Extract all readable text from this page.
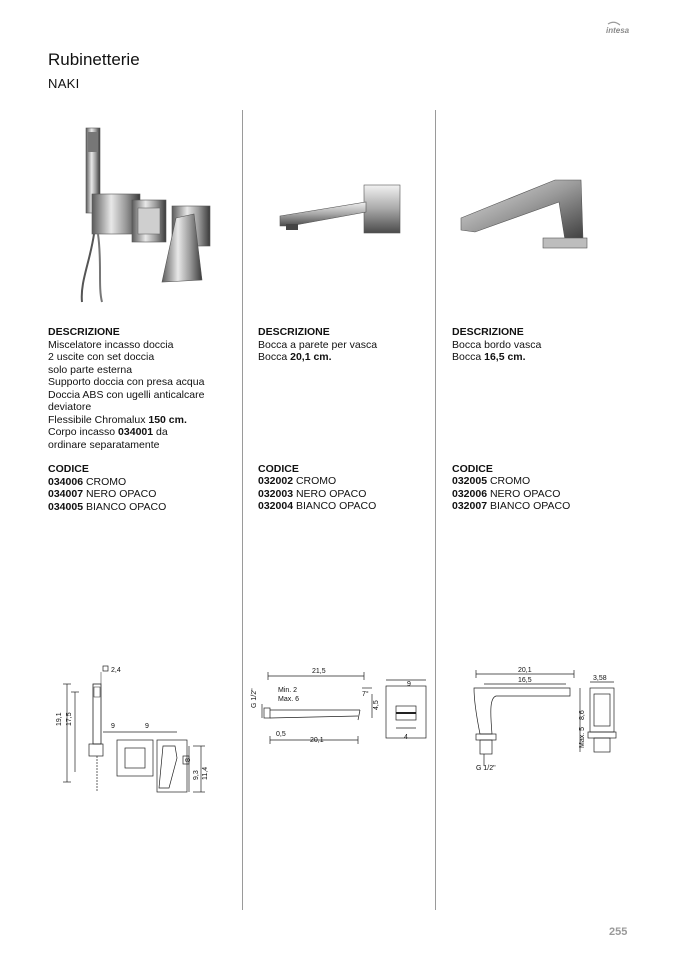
intesa
Rubinetterie
NAKI
DESCRIZIONE
Miscelatore incasso doccia
2 uscite con set doccia
solo parte esterna
Supporto doccia con presa acqua
Doccia ABS con ugelli anticalcare
deviatore
Flessibile Chromalux 150 cm.
Corpo incasso 034001 da
ordinare separatamente
CODICE
034006 CROMO
034007 NERO OPACO
034005 BIANCO OPACO
DESCRIZIONE
Bocca a parete per vasca
Bocca 20,1 cm.
CODICE
032002 CROMO
032003 NERO OPACO
032004 BIANCO OPACO
DESCRIZIONE
Bocca bordo vasca
Bocca 16,5 cm.
CODICE
032005 CROMO
032006 NERO OPACO
032007 BIANCO OPACO
2,4
19,1 17,5
9	9
8
9,3 11,4
21,5
Min. 2
Max. 6
G 1/2"
0,5
20,1
7°
4,5
9
4
20,1
16,5	3,58
8,6
Max. 5
G 1/2"
255
